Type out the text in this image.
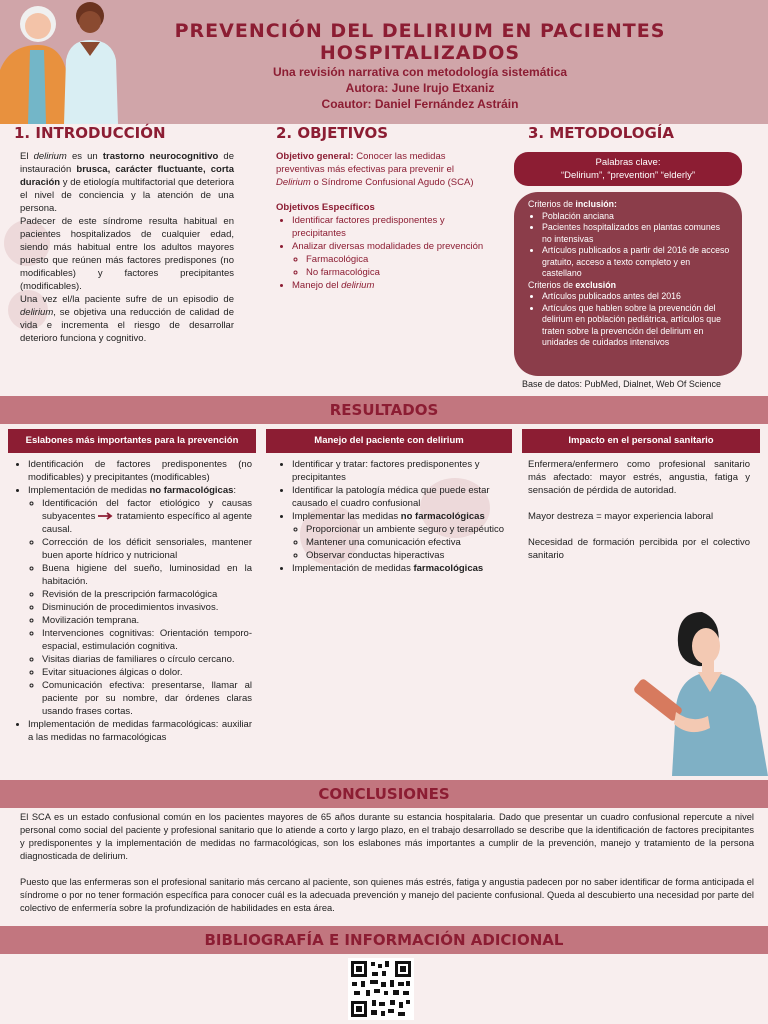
PREVENCIÓN DEL DELIRIUM EN PACIENTES HOSPITALIZADOS
Una revisión narrativa con metodología sistemática
Autora: June Irujo Etxaniz
Coautor: Daniel Fernández Astráin
1. INTRODUCCIÓN

El delirium es un trastorno neurocognitivo de instauración brusca, carácter fluctuante, corta duración y de etiología multifactorial que deteriora el nivel de conciencia y la atención de una persona.

Padecer de este síndrome resulta habitual en pacientes hospitalizados de cualquier edad, siendo más habitual entre los adultos mayores puesto que reúnen más factores predispones (no modificables) y factores precipitantes (modificables).

Una vez el/la paciente sufre de un episodio de delirium, se objetiva una reducción de calidad de vida e incrementa el riesgo de desarrollar deterioro funciona y cognitivo.

2. OBJETIVOS

Objetivo general: Conocer las medidas preventivas más efectivas para prevenir el Delirium o Síndrome Confusional Agudo (SCA)

Objetivos Específicos

• Identificar factores predisponentes y precipitantes
• Analizar diversas modalidades de prevención
◦ Farmacológica
◦ No farmacológica
• Manejo del delirium
3. METODOLOGÍA
Palabras clave:
“Delirium”, “prevention” “elderly”
Criterios de inclusión:
• Población anciana
• Pacientes hospitalizados en plantas comunes no intensivas
• Artículos publicados a partir del 2016 de acceso gratuito, acceso a texto completo y en castellano
Criterios de exclusión
• Artículos publicados antes del 2016
• Artículos que hablen sobre la prevención del delirium en población pediátrica, artículos que traten sobre la prevención del delirium en unidades de cuidados intensivos
Base de datos: PubMed, Dialnet, Web Of Science
RESULTADOS
Eslabones más importantes para la prevención	Manejo del paciente con delirium	Impacto en el personal sanitario
• Identificación de factores predisponentes (no modificables) y precipitantes (modificables)
• Implementación de medidas no farmacológicas:
◦ Identificación del factor etiológico y causas subyacentes  tratamiento específico al agente causal.
◦ Corrección de los déficit sensoriales, mantener buen aporte hídrico y nutricional
◦ Buena higiene del sueño, luminosidad en la habitación.
◦ Revisión de la prescripción farmacológica
◦ Disminución de procedimientos invasivos.
◦ Movilización temprana.
◦ Intervenciones cognitivas: Orientación temporo-espacial, estimulación cognitiva.
◦ Visitas diarias de familiares o círculo cercano.
◦ Evitar situaciones álgicas o dolor.
◦ Comunicación efectiva: presentarse, llamar al paciente por su nombre, dar órdenes claras usando frases cortas.
• Implementación de medidas farmacológicas: auxiliar a las medidas no farmacológicas
• Identificar y tratar: factores predisponentes y precipitantes
• Identificar la patología médica que puede estar causado el cuadro confusional
• Implementar las medidas no farmacológicas
◦ Proporcionar un ambiente seguro y terapéutico
◦ Mantener una comunicación efectiva
◦ Observar conductas hiperactivas
• Implementación de medidas farmacológicas

Enfermera/enfermero como profesional sanitario más afectado: mayor estrés, angustia, fatiga y sensación de pérdida de autoridad.

Mayor destreza = mayor experiencia laboral

Necesidad de formación percibida por el colectivo sanitario

CONCLUSIONES

El SCA es un estado confusional común en los pacientes mayores de 65 años durante su estancia hospitalaria. Dado que presentar un cuadro confusional repercute a nivel personal como social del paciente y profesional sanitario que lo atiende a corto y largo plazo, en el trabajo desarrollado se describe que la identificación de factores precipitantes y predisponentes y la implementación de medidas no farmacológicas, son los eslabones más importantes a cumplir de la prevención, manejo y tratamiento de la persona diagnosticada de delirium.

Puesto que las enfermeras son el profesional sanitario más cercano al paciente, son quienes más estrés, fatiga y angustia padecen por no saber identificar de forma anticipada el síndrome o por no tener formación específica para conocer cuál es la adecuada prevención y manejo del paciente confusional. Queda al descubierto una necesidad por parte del colectivo de enfermería sobre la profundización de habilidades en esta área.

BIBLIOGRAFÍA E INFORMACIÓN ADICIONAL
